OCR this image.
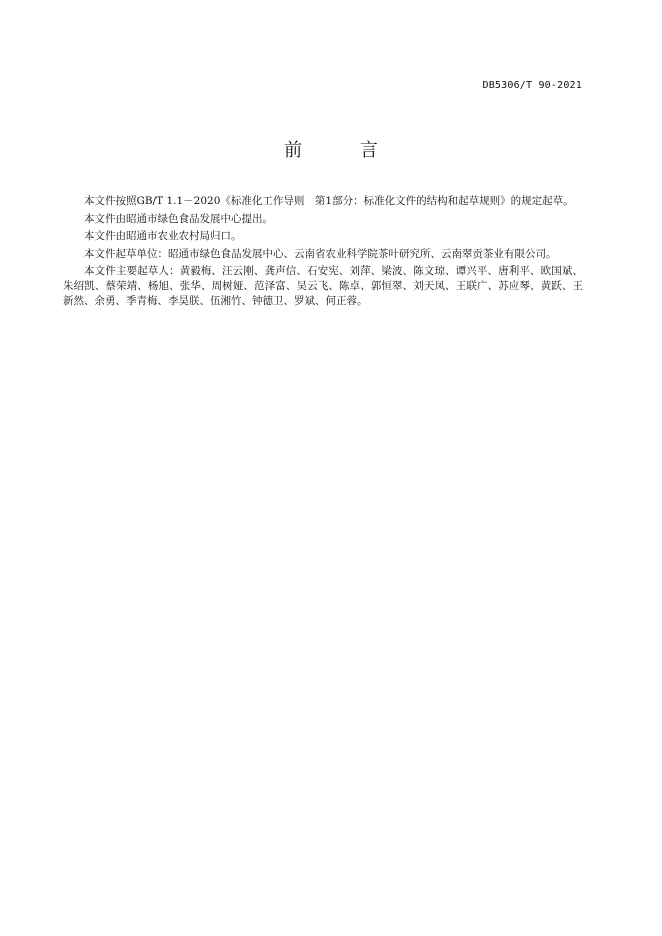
DB5306/T 90-2021
前 言

本文件按照GB/T 1.1－2020《标准化工作导则　第1部分：标准化文件的结构和起草规则》的规定起草。

本文件由昭通市绿色食品发展中心提出。

本文件由昭通市农业农村局归口。

本文件起草单位：昭通市绿色食品发展中心、云南省农业科学院茶叶研究所、云南翠贡茶业有限公司。

本文件主要起草人：黄毅梅、汪云刚、龚声信、石安宪、刘萍、梁波、陈文琼、谭兴平、唐利平、欧国斌、朱绍凯、蔡荣靖、杨旭、张华、周树娅、范泽富、吴云飞、陈卓、郭恒翠、刘天凤、王联广、苏应琴、黄跃、王新然、余勇、季青梅、李昊朕、伍湘竹、钟德卫、罗斌、何正蓉。
